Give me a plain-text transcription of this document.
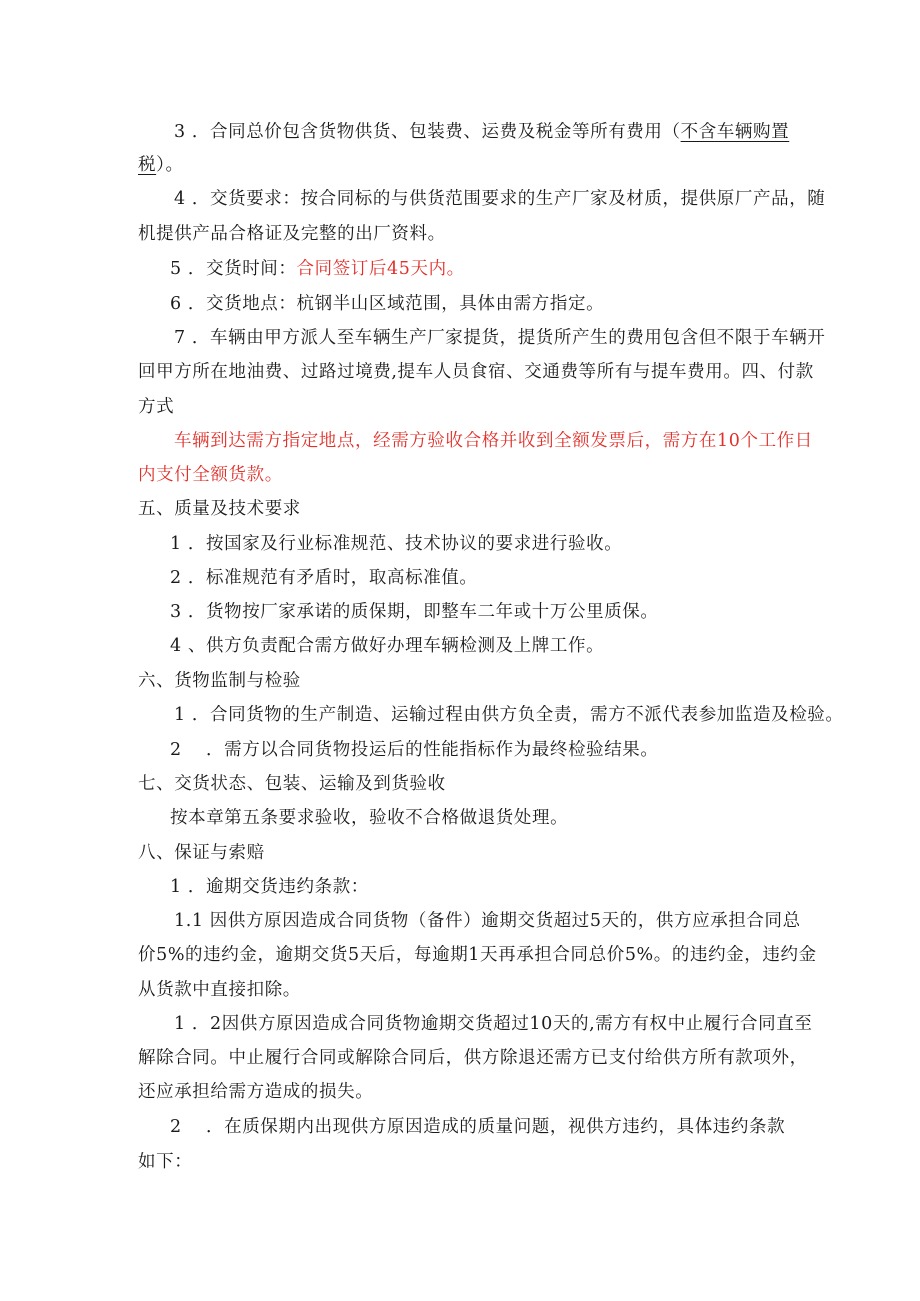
3 ．合同总价包含货物供货、包装费、运费及税金等所有费用（不含车辆购置
税）。
4 ．交货要求：按合同标的与供货范围要求的生产厂家及材质，提供原厂产品，随
机提供产品合格证及完整的出厂资料。
5 ．交货时间：合同签订后45天内。
6 ．交货地点：杭钢半山区域范围，具体由需方指定。
7 ．车辆由甲方派人至车辆生产厂家提货，提货所产生的费用包含但不限于车辆开
回甲方所在地油费、过路过境费,提车人员食宿、交通费等所有与提车费用。四、付款
方式
车辆到达需方指定地点，经需方验收合格并收到全额发票后，需方在10个工作日
内支付全额货款。
五、质量及技术要求
1 ．按国家及行业标准规范、技术协议的要求进行验收。
2 ．标准规范有矛盾时，取高标准值。
3 ．货物按厂家承诺的质保期，即整车二年或十万公里质保。
4 、供方负责配合需方做好办理车辆检测及上牌工作。
六、货物监制与检验
1 ．合同货物的生产制造、运输过程由供方负全责，需方不派代表参加监造及检验。
2 　．需方以合同货物投运后的性能指标作为最终检验结果。
七、交货状态、包装、运输及到货验收
按本章第五条要求验收，验收不合格做退货处理。
八、保证与索赔
1 ．逾期交货违约条款：
1.1 因供方原因造成合同货物（备件）逾期交货超过5天的，供方应承担合同总
价5%的违约金，逾期交货5天后，每逾期1天再承担合同总价5%。的违约金，违约金
从货款中直接扣除。
1 ．2因供方原因造成合同货物逾期交货超过10天的,需方有权中止履行合同直至
解除合同。中止履行合同或解除合同后，供方除退还需方已支付给供方所有款项外，
还应承担给需方造成的损失。
2 　．在质保期内出现供方原因造成的质量问题，视供方违约，具体违约条款
如下：
